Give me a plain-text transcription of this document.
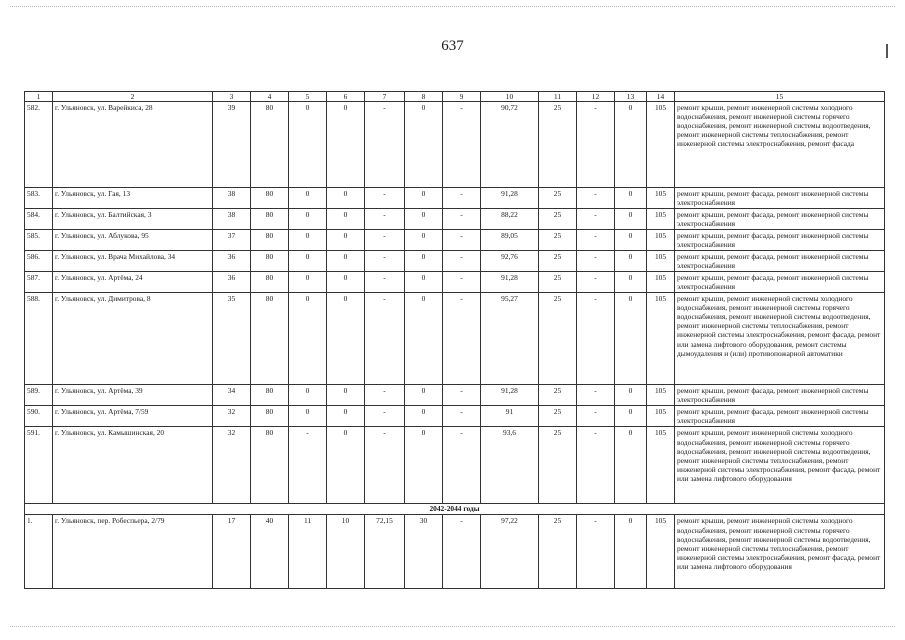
637
1	2	3	4	5	6	7	8	9	10	11	12	13	14	15
582.	г. Ульяновск, ул. Варейкиса, 28	39	80	0	0	-	0	-	90,72	25	-	0	105	ремонт крыши, ремонт инженерной системы холодного водоснабжения, ремонт инженерной системы горячего водоснабжения, ремонт инженерной системы водоотведения, ремонт инженерной системы теплоснабжения, ремонт инженерной системы электроснабжения, ремонт фасада
583.	г. Ульяновск, ул. Гая, 13	38	80	0	0	-	0	-	91,28	25	-	0	105	ремонт крыши, ремонт фасада, ремонт инженерной системы электроснабжения
584.	г. Ульяновск, ул. Балтийская, 3	38	80	0	0	-	0	-	88,22	25	-	0	105	ремонт крыши, ремонт фасада, ремонт инженерной системы электроснабжения
585.	г. Ульяновск, ул. Аблукова, 95	37	80	0	0	-	0	-	89,05	25	-	0	105	ремонт крыши, ремонт фасада, ремонт инженерной системы электроснабжения
586.	г. Ульяновск, ул. Врача Михайлова, 34	36	80	0	0	-	0	-	92,76	25	-	0	105	ремонт крыши, ремонт фасада, ремонт инженерной системы электроснабжения
587.	г. Ульяновск, ул. Артёма, 24	36	80	0	0	-	0	-	91,28	25	-	0	105	ремонт крыши, ремонт фасада, ремонт инженерной системы электроснабжения
588.	г. Ульяновск, ул. Димитрова, 8	35	80	0	0	-	0	-	95,27	25	-	0	105	ремонт крыши, ремонт инженерной системы холодного водоснабжения, ремонт инженерной системы горячего водоснабжения, ремонт инженерной системы водоотведения, ремонт инженерной системы теплоснабжения, ремонт инженерной системы электроснабжения, ремонт фасада, ремонт или замена лифтового оборудования, ремонт системы дымоудаления и (или) противопожарной автоматики
589.	г. Ульяновск, ул. Артёма, 39	34	80	0	0	-	0	-	91,28	25	-	0	105	ремонт крыши, ремонт фасада, ремонт инженерной системы электроснабжения
590.	г. Ульяновск, ул. Артёма, 7/59	32	80	0	0	-	0	-	91	25	-	0	105	ремонт крыши, ремонт фасада, ремонт инженерной системы электроснабжения
591.	г. Ульяновск, ул. Камышинская, 20	32	80	-	0	-	0	-	93,6	25	-	0	105	ремонт крыши, ремонт инженерной системы холодного водоснабжения, ремонт инженерной системы горячего водоснабжения, ремонт инженерной системы водоотведения, ремонт инженерной системы теплоснабжения, ремонт инженерной системы электроснабжения, ремонт фасада, ремонт или замена лифтового оборудования
2042-2044 годы														
1.	г. Ульяновск, пер. Робеспьера, 2/79	17	40	11	10	72,15	30	-	97,22	25	-	0	105	ремонт крыши, ремонт инженерной системы холодного водоснабжения, ремонт инженерной системы горячего водоснабжения, ремонт инженерной системы водоотведения, ремонт инженерной системы теплоснабжения, ремонт инженерной системы электроснабжения, ремонт фасада, ремонт или замена лифтового оборудования
